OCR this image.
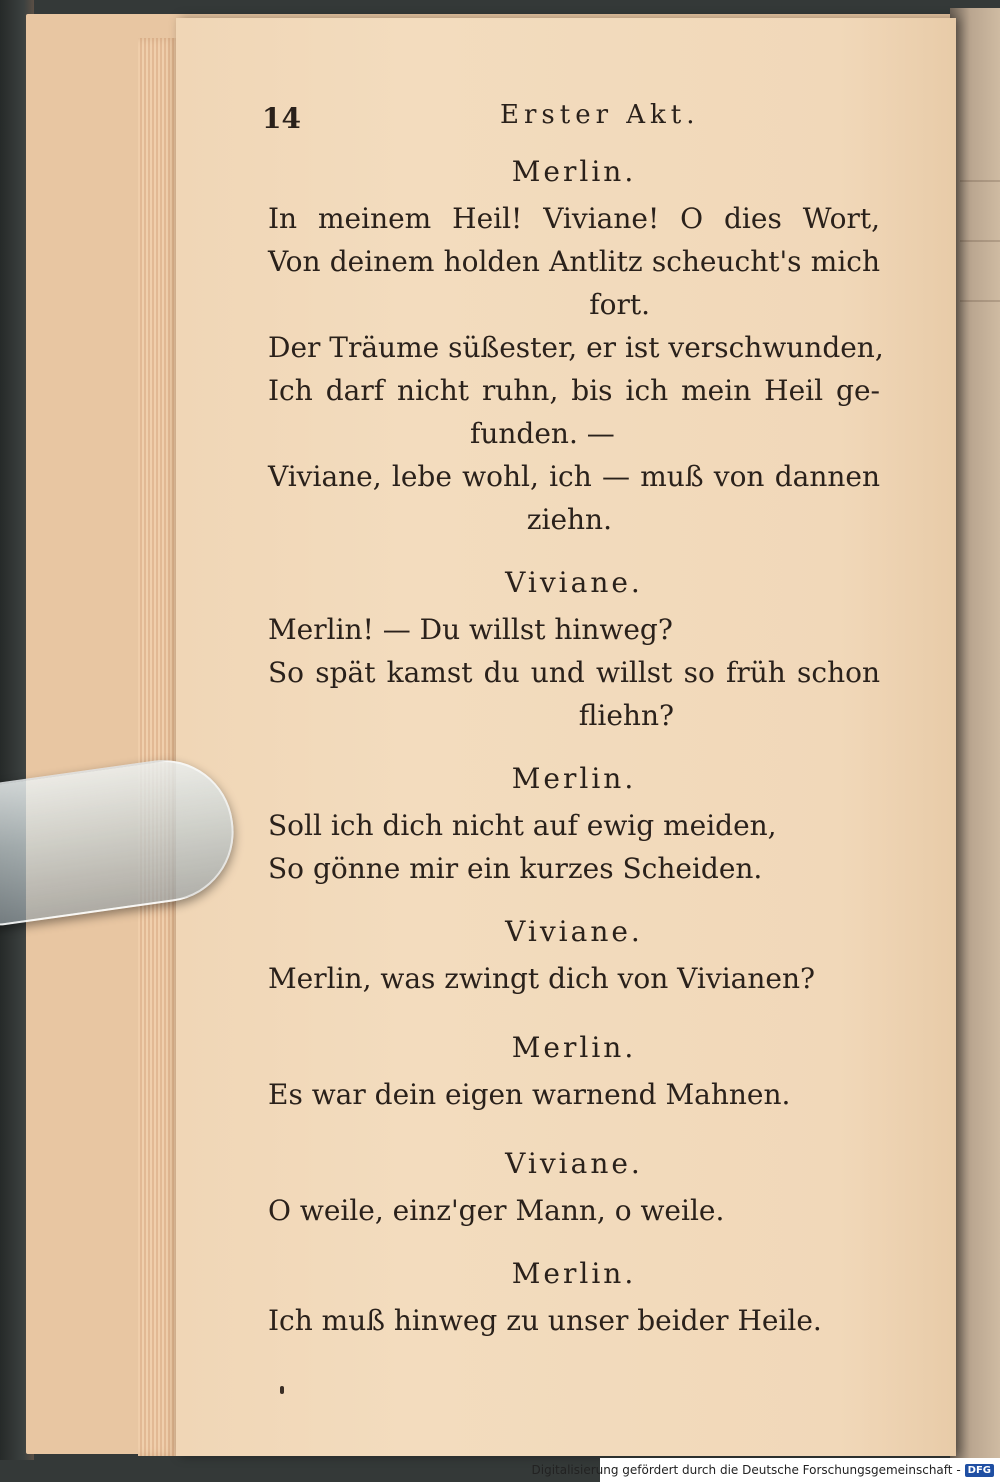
14	Erster Akt.
Merlin.
In meinem Heil! Viviane! O dies Wort,
Von deinem holden Antlitz scheucht's mich
fort.
Der Träume süßester, er ist verschwunden,
Ich darf nicht ruhn, bis ich mein Heil ge-
funden. —
Viviane, lebe wohl, ich — muß von dannen
ziehn.
Viviane.
Merlin! — Du willst hinweg?
So spät kamst du und willst so früh schon
fliehn?
Merlin.
Soll ich dich nicht auf ewig meiden,
So gönne mir ein kurzes Scheiden.
Viviane.
Merlin, was zwingt dich von Vivianen?
Merlin.
Es war dein eigen warnend Mahnen.
Viviane.
O weile, einz'ger Mann, o weile.
Merlin.
Ich muß hinweg zu unser beider Heile.
Digitalisierung gefördert durch die Deutsche Forschungsgemeinschaft - DFG
